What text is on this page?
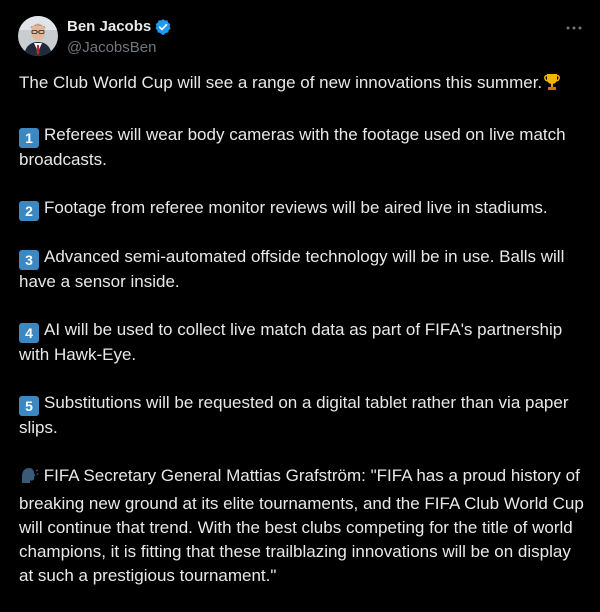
Ben Jacobs
@JacobsBen

The Club World Cup will see a range of new innovations this summer.

1 Referees will wear body cameras with the footage used on live match broadcasts.

2 Footage from referee monitor reviews will be aired live in stadiums.

3 Advanced semi-automated offside technology will be in use. Balls will have a sensor inside.

4 AI will be used to collect live match data as part of FIFA's partnership with Hawk-Eye.

5 Substitutions will be requested on a digital tablet rather than via paper slips.

FIFA Secretary General Mattias Grafström: "FIFA has a proud history of breaking new ground at its elite tournaments, and the FIFA Club World Cup will continue that trend. With the best clubs competing for the title of world champions, it is fitting that these trailblazing innovations will be on display at such a prestigious tournament."
